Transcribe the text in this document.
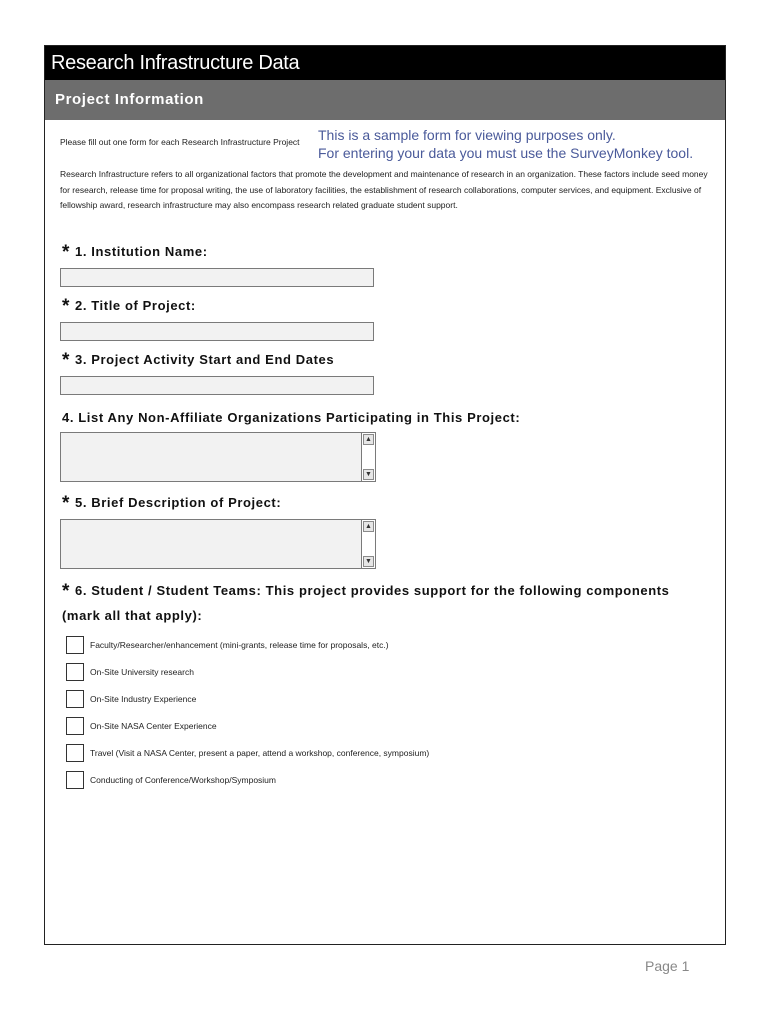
Research Infrastructure Data
Project Information
Please fill out one form for each Research Infrastructure Project This is a sample form for viewing purposes only.
For entering your data you must use the SurveyMonkey tool.
Research Infrastructure refers to all organizational factors that promote the development and maintenance of research in an organization. These factors include seed money for research, release time for proposal writing, the use of laboratory facilities, the establishment of research collaborations, computer services, and equipment. Exclusive of fellowship award, research infrastructure may also encompass research related graduate student support.
* 1. Institution Name:
* 2. Title of Project:
* 3. Project Activity Start and End Dates
4. List Any Non-Affiliate Organizations Participating in This Project:
▲
▼
* 5. Brief Description of Project:
▲
▼
* 6. Student / Student Teams: This project provides support for the following components
(mark all that apply):
Faculty/Researcher/enhancement (mini-grants, release time for proposals, etc.)
On-Site University research
On-Site Industry Experience
On-Site NASA Center Experience
Travel (Visit a NASA Center, present a paper, attend a workshop, conference, symposium)
Conducting of Conference/Workshop/Symposium
Page 1
